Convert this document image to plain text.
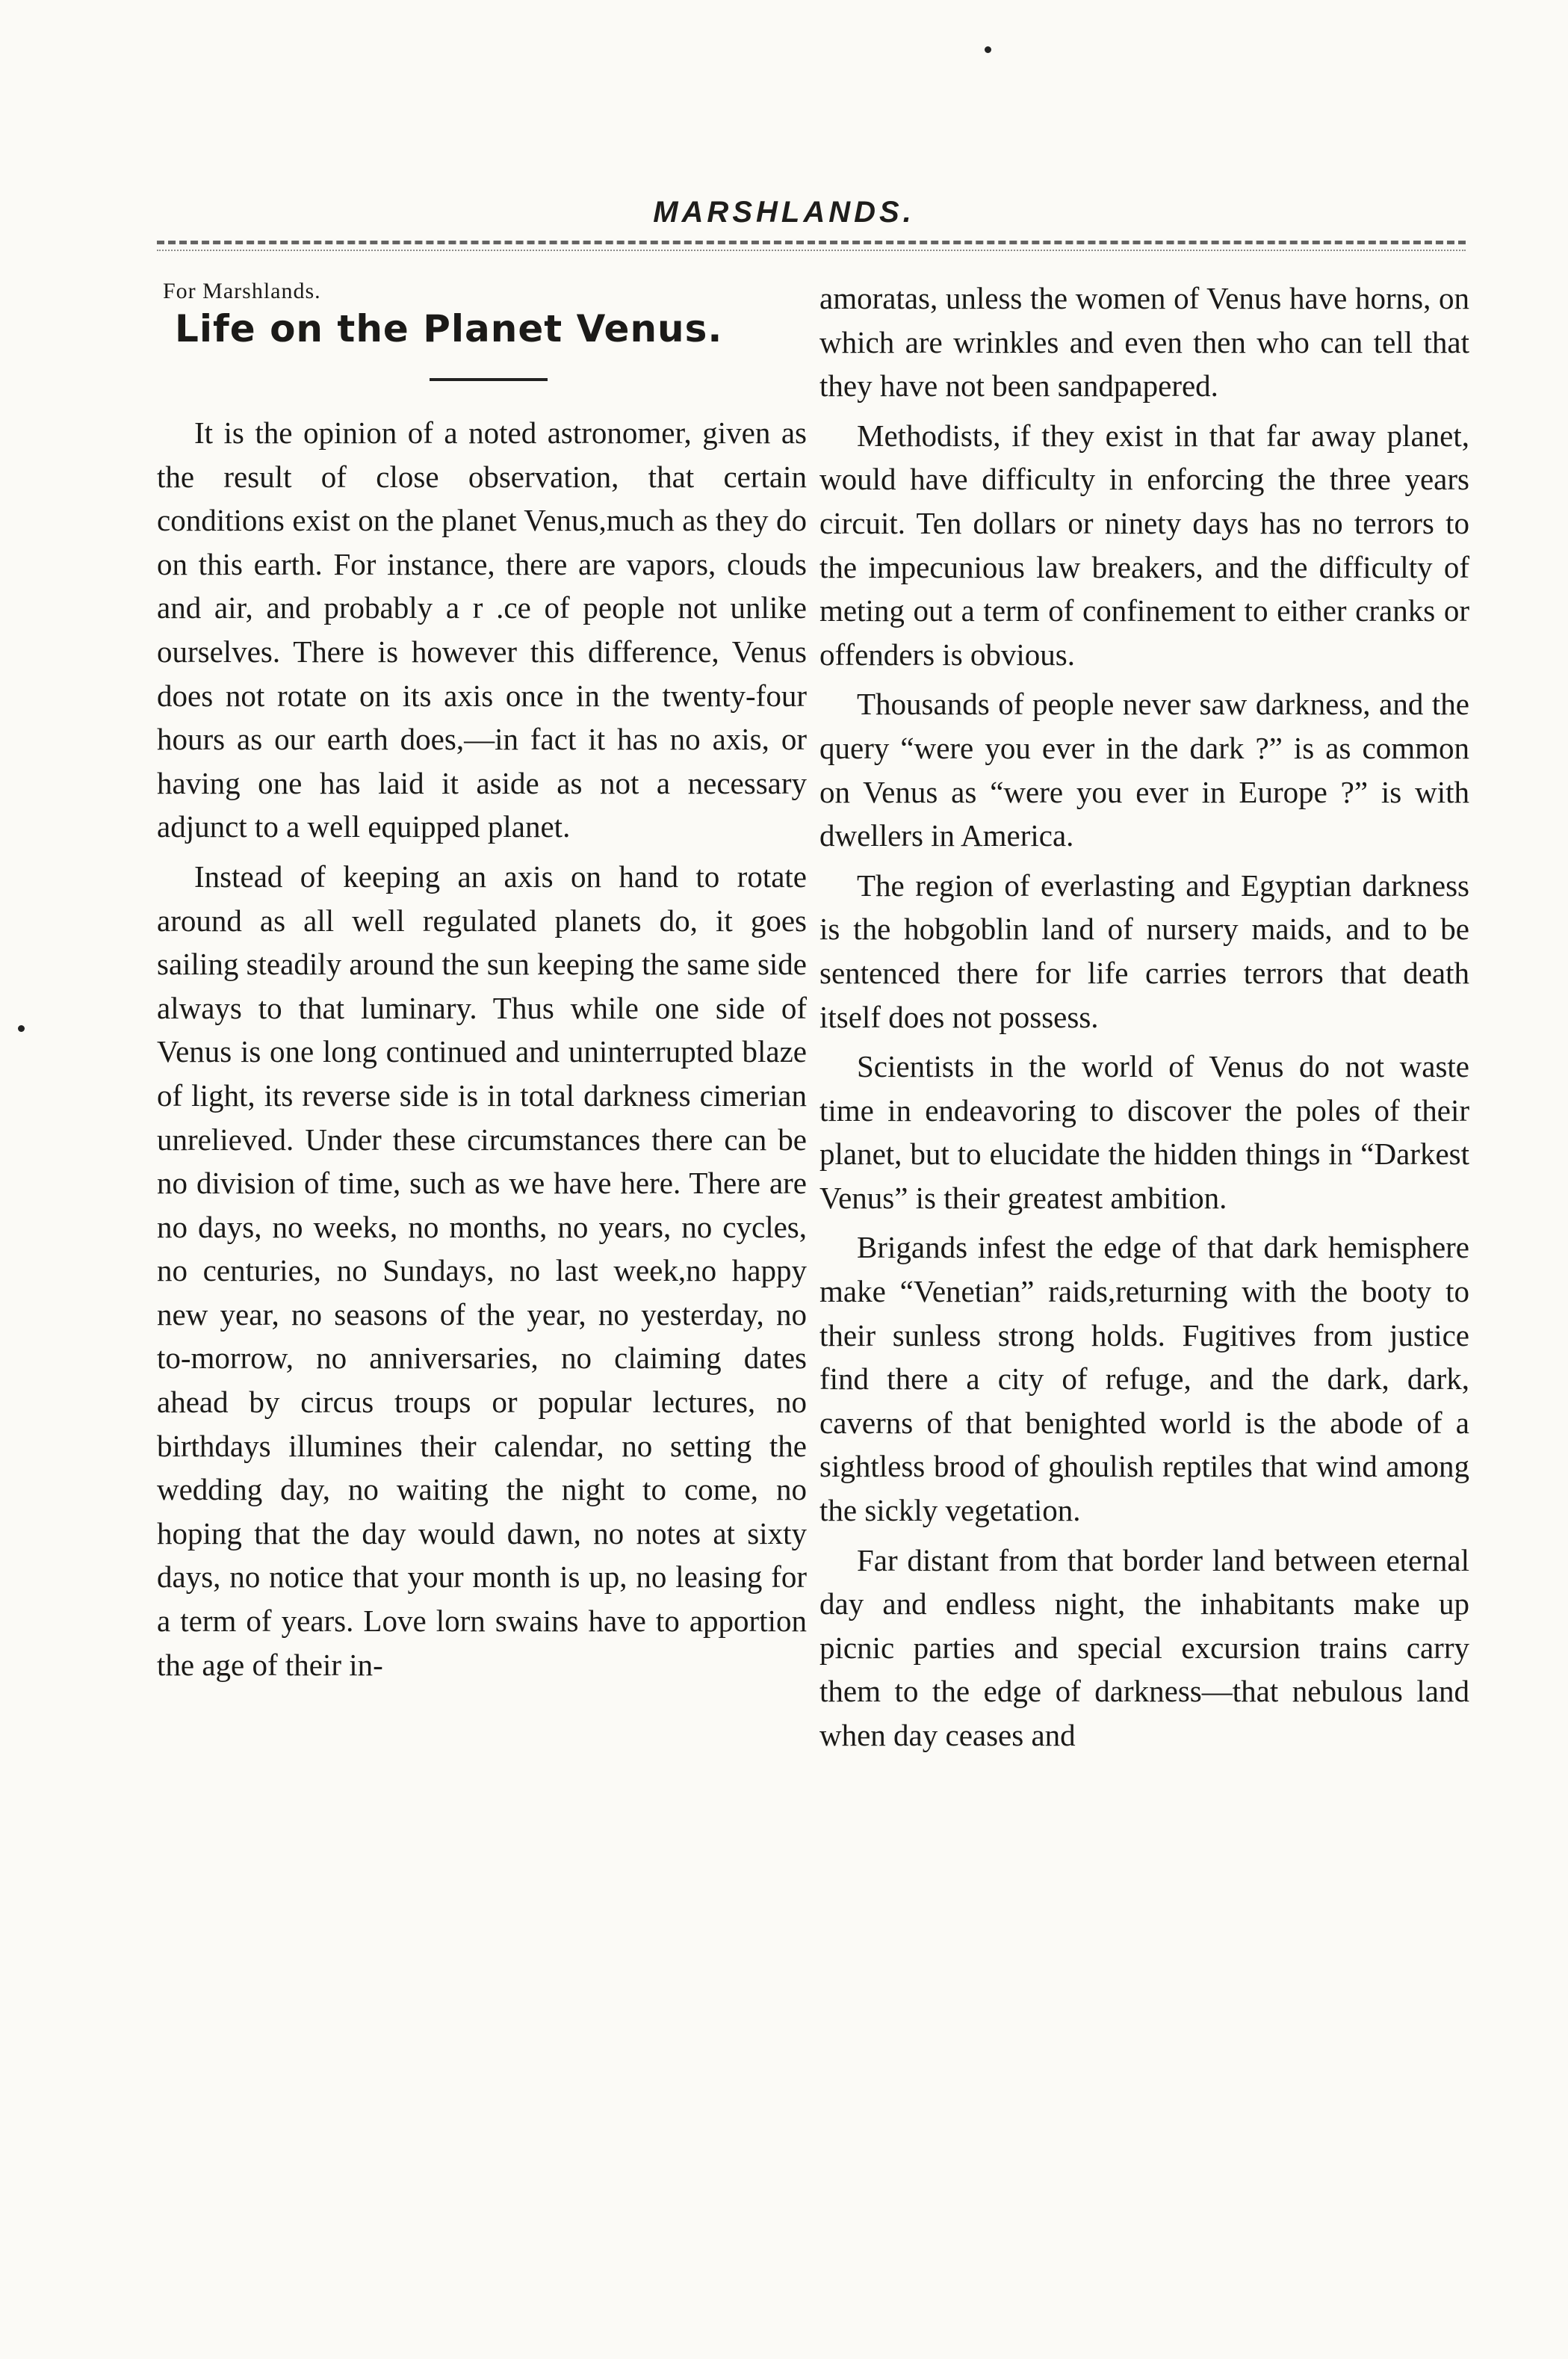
MARSHLANDS.
For Marshlands.
Life on the Planet Venus.

It is the opinion of a noted astronomer, given as the result of close observation, that certain conditions exist on the planet Venus,much as they do on this earth. For instance, there are vapors, clouds and air, and probably a r .ce of people not unlike ourselves. There is however this difference, Venus does not rotate on its axis once in the twenty-four hours as our earth does,—in fact it has no axis, or having one has laid it aside as not a necessary adjunct to a well equipped planet.

Instead of keeping an axis on hand to rotate around as all well regulated planets do, it goes sailing steadily around the sun keeping the same side always to that luminary. Thus while one side of Venus is one long continued and uninterrupted blaze of light, its reverse side is in total darkness cimerian unrelieved. Under these circumstances there can be no division of time, such as we have here. There are no days, no weeks, no months, no years, no cycles, no centuries, no Sundays, no last week,no happy new year, no seasons of the year, no yesterday, no to-morrow, no anniversaries, no claiming dates ahead by circus troups or popular lectures, no birthdays illumines their calendar, no setting the wedding day, no waiting the night to come, no hoping that the day would dawn, no notes at sixty days, no notice that your month is up, no leasing for a term of years. Love lorn swains have to apportion the age of their in-

amoratas, unless the women of Venus have horns, on which are wrinkles and even then who can tell that they have not been sandpapered.

Methodists, if they exist in that far away planet, would have difficulty in enforcing the three years circuit. Ten dollars or ninety days has no terrors to the impecunious law breakers, and the difficulty of meting out a term of confinement to either cranks or offenders is obvious.

Thousands of people never saw darkness, and the query “were you ever in the dark ?” is as common on Venus as “were you ever in Europe ?” is with dwellers in America.

The region of everlasting and Egyptian darkness is the hobgoblin land of nursery maids, and to be sentenced there for life carries terrors that death itself does not possess.

Scientists in the world of Venus do not waste time in endeavoring to discover the poles of their planet, but to elucidate the hidden things in “Darkest Venus” is their greatest ambition.

Brigands infest the edge of that dark hemisphere make “Venetian” raids,returning with the booty to their sunless strong holds. Fugitives from justice find there a city of refuge, and the dark, dark, caverns of that benighted world is the abode of a sightless brood of ghoulish reptiles that wind among the sickly vegetation.

Far distant from that border land between eternal day and endless night, the inhabitants make up picnic parties and special excursion trains carry them to the edge of darkness—that nebulous land when day ceases and
